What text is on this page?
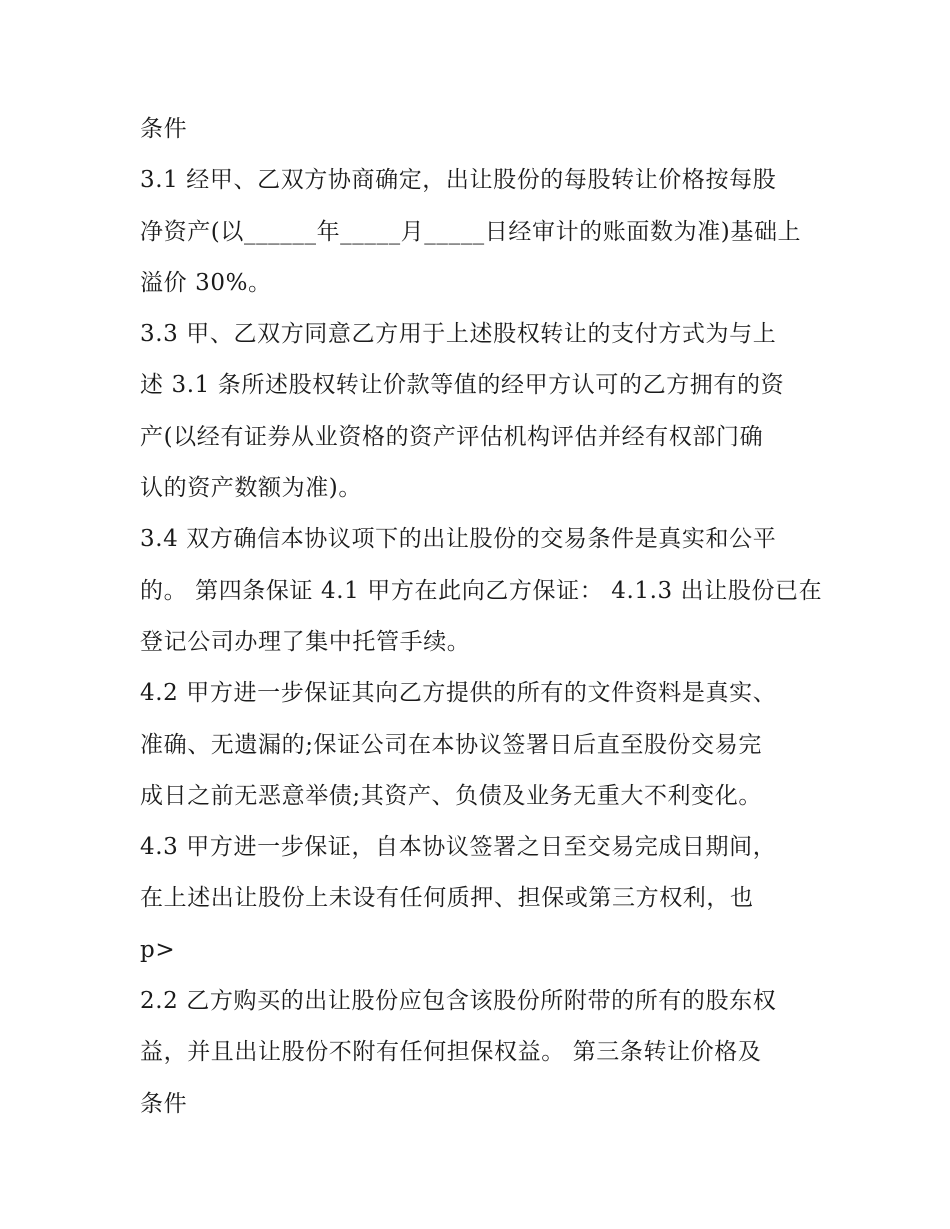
条件
3.1 经甲、乙双方协商确定，出让股份的每股转让价格按每股
净资产(以______年_____月_____日经审计的账面数为准)基础上
溢价 30%。
3.3 甲、乙双方同意乙方用于上述股权转让的支付方式为与上
述 3.1 条所述股权转让价款等值的经甲方认可的乙方拥有的资
产(以经有证券从业资格的资产评估机构评估并经有权部门确
认的资产数额为准)。
3.4 双方确信本协议项下的出让股份的交易条件是真实和公平
的。 第四条保证 4.1 甲方在此向乙方保证： 4.1.3 出让股份已在
登记公司办理了集中托管手续。
4.2 甲方进一步保证其向乙方提供的所有的文件资料是真实、
准确、无遗漏的;保证公司在本协议签署日后直至股份交易完
成日之前无恶意举债;其资产、负债及业务无重大不利变化。
4.3 甲方进一步保证，自本协议签署之日至交易完成日期间，
在上述出让股份上未设有任何质押、担保或第三方权利，也
p>
2.2 乙方购买的出让股份应包含该股份所附带的所有的股东权
益，并且出让股份不附有任何担保权益。 第三条转让价格及
条件
